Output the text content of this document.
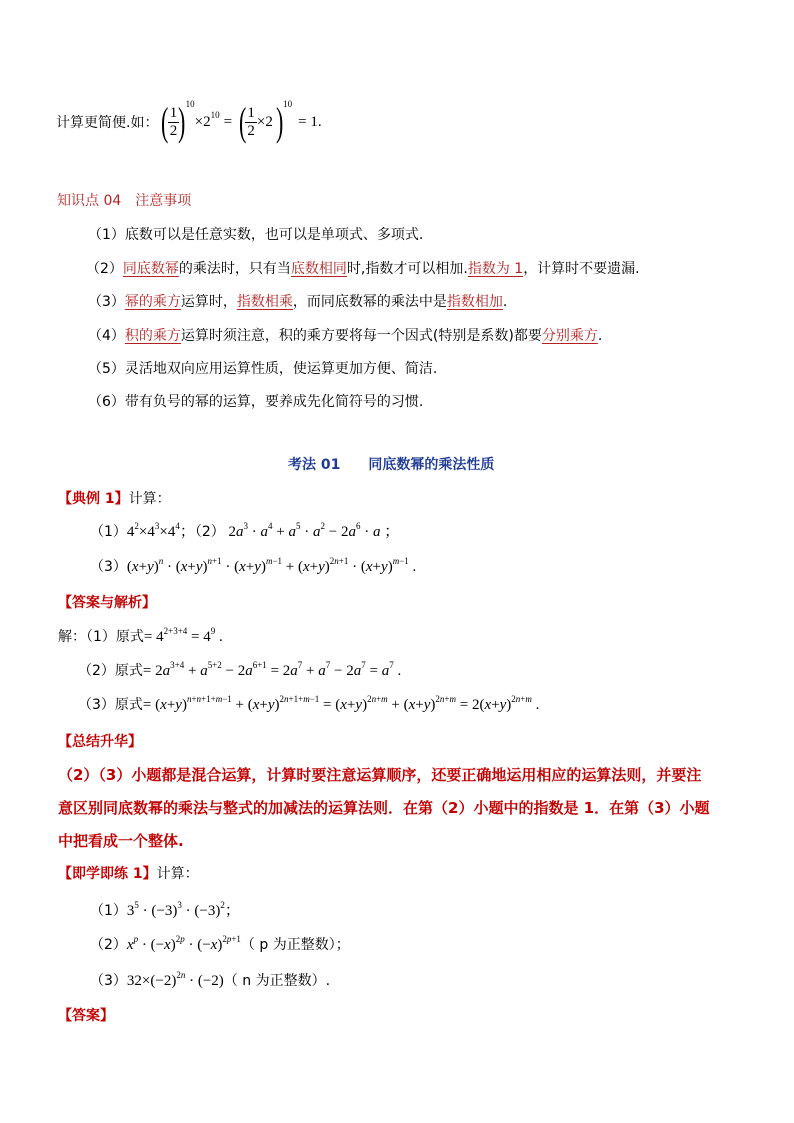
计算更简便.如： (
$\frac{1}{2}$
) 10
×2 10 = (
$\frac{1}{2} \times 2$ ) 10
= 1.
知识点 04　注意事项
（1）底数可以是任意实数，也可以是单项式、多项式.
（2）同底数幂的乘法时，只有当底数相同时,指数才可以相加.指数为 1，计算时不要遗漏.
（3）幂的乘方运算时，指数相乘，而同底数幂的乘法中是指数相加.
（4）积的乘方运算时须注意，积的乘方要将每一个因式(特别是系数)都要分别乘方.
（5）灵活地双向应用运算性质，使运算更加方便、简洁.
（6）带有负号的幂的运算，要养成先化简符号的习惯.
考法 01　　同底数幂的乘法性质
【典例 1】计算：
$(1)4^2\times 4^3\times 4^4$；（2） $2a^3 \cdot a^4 + a^5 \cdot a^2 - 2a^6 \cdot a$ ；
$(3)(x+y)^n \cdot (x+y)^{n+1} \cdot (x+y)^{m-1} + (x+y)^{2n+1} \cdot (x+y)^{m-1}$ .
【答案与解析】
解：（1）原式= $4^{2+3+4} = 4^9$ .
（2）原式= $2a^{3+4} + a^{5+2} - 2a^{6+1} = 2a^7 + a^7 - 2a^7 = a^7$ .
（3）原式= $(x+y)^{n+n+1+m-1} + (x+y)^{2n+1+m-1} = (x+y)^{2n+m} + (x+y)^{2n+m} = 2(x+y)^{2n+m}$ .
【总结升华】
（2）（3）小题都是混合运算，计算时要注意运算顺序，还要正确地运用相应的运算法则，并要注
意区别同底数幂的乘法与整式的加减法的运算法则．在第（2）小题中的指数是 1．在第（3）小题
中把看成一个整体.
【即学即练 1】计算：
$(1)3^5 \cdot (-3)^3 \cdot (-3)^2$；
$(2)x^p \cdot (-x)^{2p} \cdot (-x)^{2p+1}$（ p 为正整数）；
$(3)32\times(-2)^{2n} \cdot (-2)$（ n 为正整数）.
【答案】
